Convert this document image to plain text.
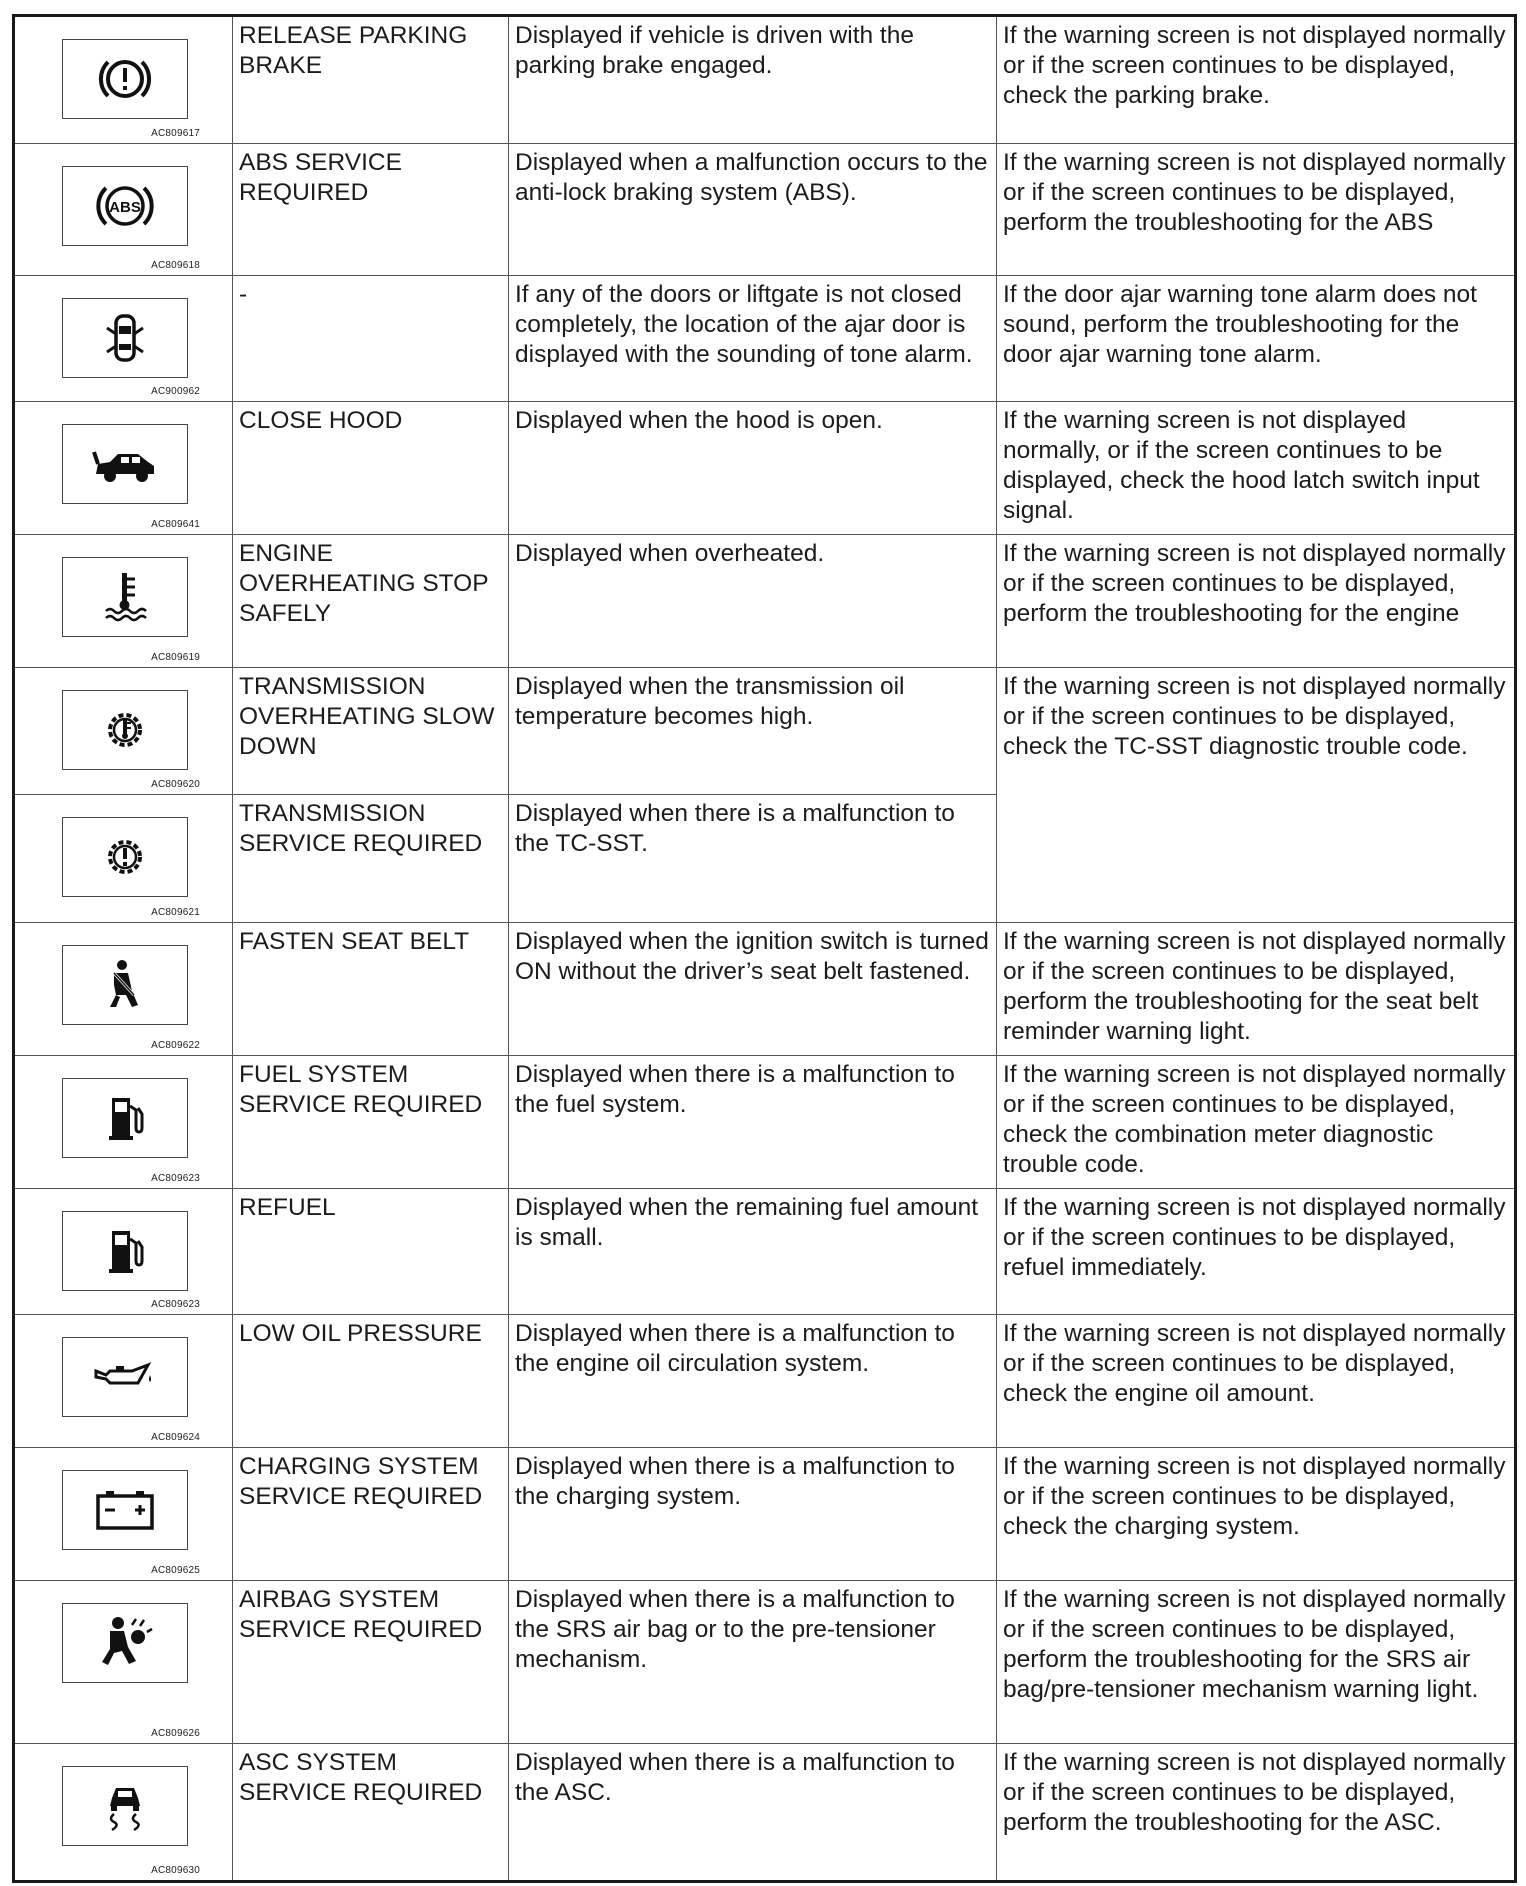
AC809617	RELEASE PARKING BRAKE	Displayed if vehicle is driven with the parking brake engaged.	If the warning screen is not displayed normally or if the screen continues to be displayed, check the parking brake.

ABS
AC809618	ABS SERVICE REQUIRED	Displayed when a malfunction occurs to the anti-lock braking system (ABS).	If the warning screen is not displayed normally or if the screen continues to be displayed, perform the troubleshooting for the ABS

AC900962	-	If any of the doors or liftgate is not closed completely, the location of the ajar door is displayed with the sounding of tone alarm.	If the door ajar warning tone alarm does not sound, perform the troubleshooting for the door ajar warning tone alarm.

AC809641	CLOSE HOOD	Displayed when the hood is open.	If the warning screen is not displayed normally, or if the screen continues to be displayed, check the hood latch switch input signal.

AC809619	ENGINE OVERHEATING STOP SAFELY	Displayed when overheated.	If the warning screen is not displayed normally or if the screen continues to be displayed, perform the troubleshooting for the engine

AC809620	TRANSMISSION OVERHEATING SLOW DOWN	Displayed when the transmission oil temperature becomes high.	If the warning screen is not displayed normally or if the screen continues to be displayed, check the TC-SST diagnostic trouble code.

AC809621	TRANSMISSION SERVICE REQUIRED	Displayed when there is a malfunction to the TC-SST.	

AC809622	FASTEN SEAT BELT	Displayed when the ignition switch is turned ON without the driver’s seat belt fastened.	If the warning screen is not displayed normally or if the screen continues to be displayed, perform the troubleshooting for the seat belt reminder warning light.

AC809623	FUEL SYSTEM SERVICE REQUIRED	Displayed when there is a malfunction to the fuel system.	If the warning screen is not displayed normally or if the screen continues to be displayed, check the combination meter diagnostic trouble code.

AC809623	REFUEL	Displayed when the remaining fuel amount is small.	If the warning screen is not displayed normally or if the screen continues to be displayed, refuel immediately.

AC809624	LOW OIL PRESSURE	Displayed when there is a malfunction to the engine oil circulation system.	If the warning screen is not displayed normally or if the screen continues to be displayed, check the engine oil amount.

AC809625	CHARGING SYSTEM SERVICE REQUIRED	Displayed when there is a malfunction to the charging system.	If the warning screen is not displayed normally or if the screen continues to be displayed, check the charging system.

AC809626	AIRBAG SYSTEM SERVICE REQUIRED	Displayed when there is a malfunction to the SRS air bag or to the pre-tensioner mechanism.	If the warning screen is not displayed normally or if the screen continues to be displayed, perform the troubleshooting for the SRS air bag/pre-tensioner mechanism warning light.

AC809630	ASC SYSTEM SERVICE REQUIRED	Displayed when there is a malfunction to the ASC.	If the warning screen is not displayed normally or if the screen continues to be displayed, perform the troubleshooting for the ASC.
